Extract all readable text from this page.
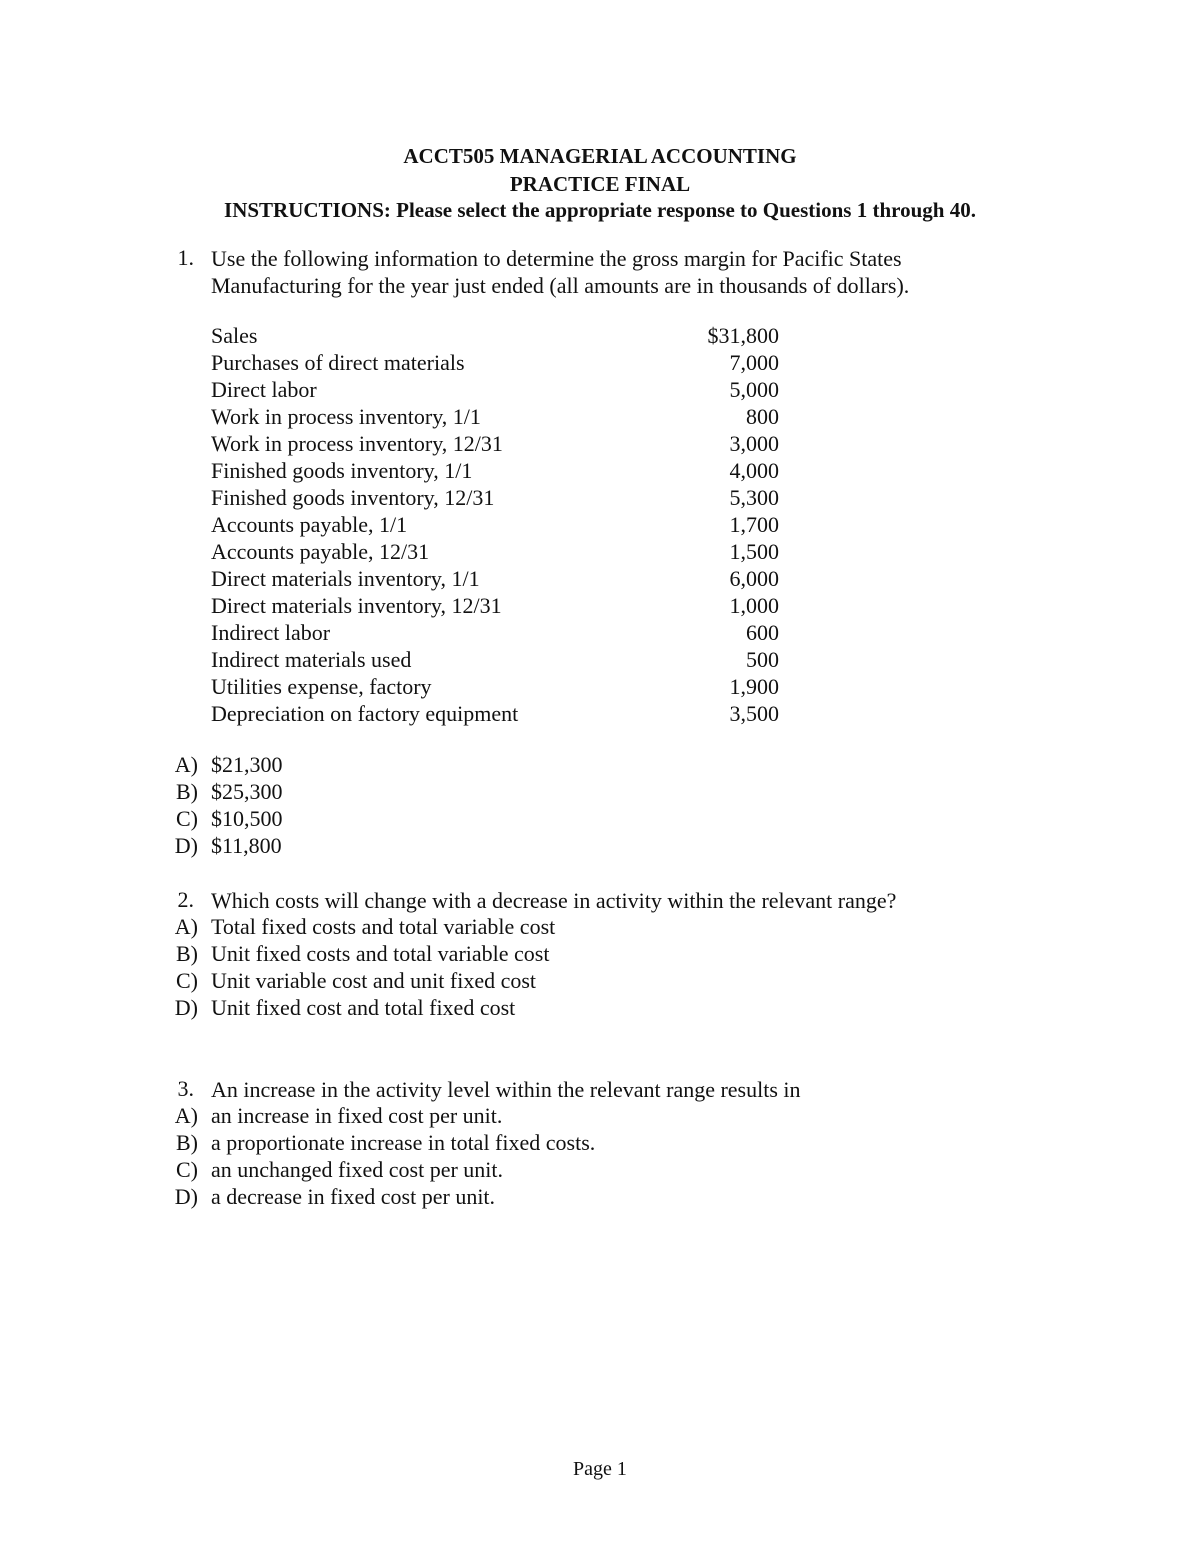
ACCT505 MANAGERIAL ACCOUNTING
PRACTICE FINAL
INSTRUCTIONS: Please select the appropriate response to Questions 1 through 40.
1. Use the following information to determine the gross margin for Pacific States Manufacturing for the year just ended (all amounts are in thousands of dollars).
Sales	$31,800
Purchases of direct materials	7,000
Direct labor	5,000
Work in process inventory, 1/1	800
Work in process inventory, 12/31	3,000
Finished goods inventory, 1/1	4,000
Finished goods inventory, 12/31	5,300
Accounts payable, 1/1	1,700
Accounts payable, 12/31	1,500
Direct materials inventory, 1/1	6,000
Direct materials inventory, 12/31	1,000
Indirect labor	600
Indirect materials used	500
Utilities expense, factory	1,900
Depreciation on factory equipment	3,500
A) $21,300
B) $25,300
C) $10,500
D) $11,800
2. Which costs will change with a decrease in activity within the relevant range?
A) Total fixed costs and total variable cost
B) Unit fixed costs and total variable cost
C) Unit variable cost and unit fixed cost
D) Unit fixed cost and total fixed cost
3. An increase in the activity level within the relevant range results in
A) an increase in fixed cost per unit.
B) a proportionate increase in total fixed costs.
C) an unchanged fixed cost per unit.
D) a decrease in fixed cost per unit.
Page 1
